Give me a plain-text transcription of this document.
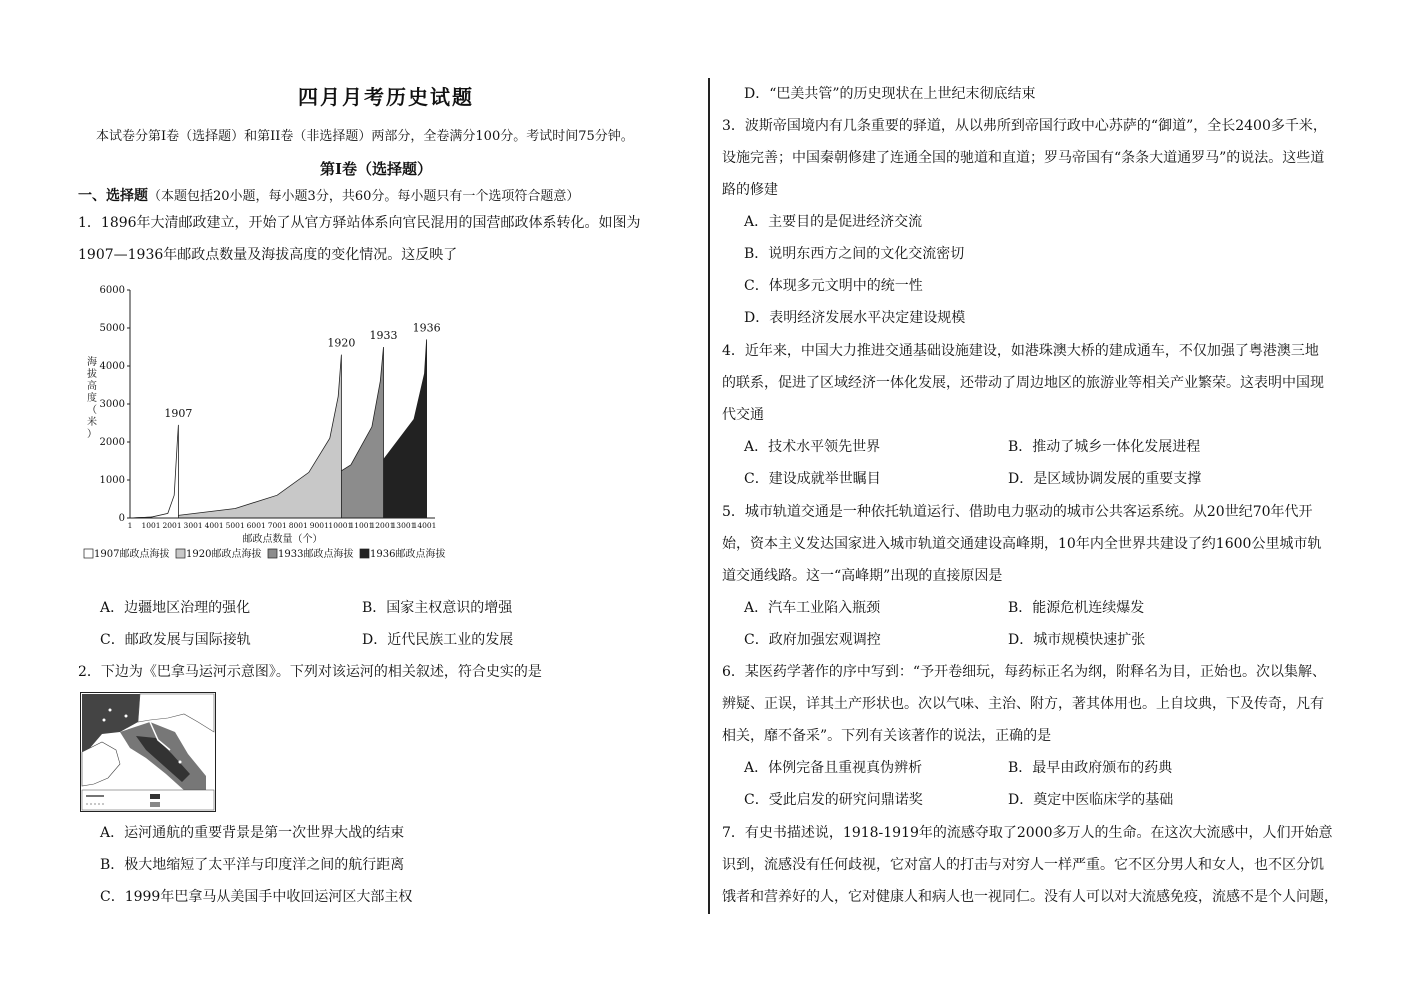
四月月考历史试题
本试卷分第Ⅰ卷（选择题）和第II卷（非选择题）两部分，全卷满分100分。考试时间75分钟。
第Ⅰ卷（选择题）
一、选择题（本题包括20小题，每小题3分，共60分。每小题只有一个选项符合题意）
1．1896年大清邮政建立，开始了从官方驿站体系向官民混用的国营邮政体系转化。如图为
1907—1936年邮政点数量及海拔高度的变化情况。这反映了
1936
1933
1920
1907
0
1000
2000
3000
4000
5000
6000
1 1001 2001 3001 4001 5001 6001 7001 8001 9001 10001
11001
12001
13001
14001
海
拔
高
度
（
米
）
邮政点数量（个）
1907邮政点海拔 1920邮政点海拔 1933邮政点海拔 1936邮政点海拔
A．边疆地区治理的强化	B．国家主权意识的增强
C．邮政发展与国际接轨	D．近代民族工业的发展
2．下边为《巴拿马运河示意图》。下列对该运河的相关叙述，符合史实的是
A．运河通航的重要背景是第一次世界大战的结束
B．极大地缩短了太平洋与印度洋之间的航行距离
C．1999年巴拿马从美国手中收回运河区大部主权
D．“巴美共管”的历史现状在上世纪末彻底结束
3．波斯帝国境内有几条重要的驿道，从以弗所到帝国行政中心苏萨的“御道”，全长2400多千米，
设施完善；中国秦朝修建了连通全国的驰道和直道；罗马帝国有“条条大道通罗马”的说法。这些道
路的修建
A．主要目的是促进经济交流
B．说明东西方之间的文化交流密切
C．体现多元文明中的统一性
D．表明经济发展水平决定建设规模
4．近年来，中国大力推进交通基础设施建设，如港珠澳大桥的建成通车，不仅加强了粤港澳三地
的联系，促进了区域经济一体化发展，还带动了周边地区的旅游业等相关产业繁荣。这表明中国现
代交通
A．技术水平领先世界	B．推动了城乡一体化发展进程
C．建设成就举世瞩目	D．是区域协调发展的重要支撑
5．城市轨道交通是一种依托轨道运行、借助电力驱动的城市公共客运系统。从20世纪70年代开
始，资本主义发达国家进入城市轨道交通建设高峰期，10年内全世界共建设了约1600公里城市轨
道交通线路。这一“高峰期”出现的直接原因是
A．汽车工业陷入瓶颈	B．能源危机连续爆发
C．政府加强宏观调控	D．城市规模快速扩张
6．某医药学著作的序中写到：“予开卷细玩，每药标正名为纲，附释名为目，正始也。次以集解、
辨疑、正误，详其土产形状也。次以气味、主治、附方，著其体用也。上自坟典，下及传奇，凡有
相关，靡不备采”。下列有关该著作的说法，正确的是
A．体例完备且重视真伪辨析	B．最早由政府颁布的药典
C．受此启发的研究问鼎诺奖	D．奠定中医临床学的基础
7．有史书描述说，1918-1919年的流感夺取了2000多万人的生命。在这次大流感中，人们开始意
识到，流感没有任何歧视，它对富人的打击与对穷人一样严重。它不区分男人和女人，也不区分饥
饿者和营养好的人，它对健康人和病人也一视同仁。没有人可以对大流感免疫，流感不是个人问题，
